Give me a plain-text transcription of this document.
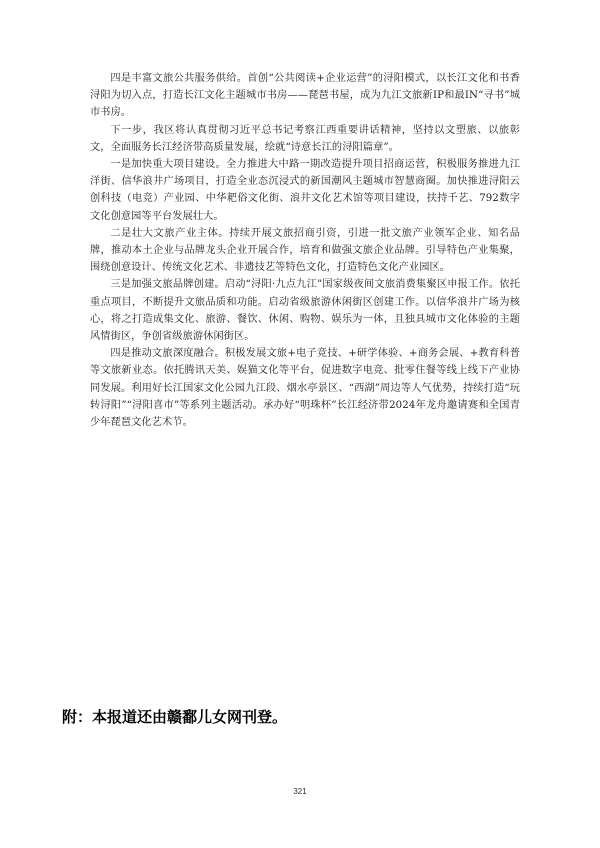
四是丰富文旅公共服务供给。首创“公共阅读+企业运营”的浔阳模式，以长江文化和书香浔阳为切入点，打造长江文化主题城市书房——琵琶书屋，成为九江文旅新IP和最IN“寻书”城市书房。

下一步，我区将认真贯彻习近平总书记考察江西重要讲话精神，坚持以文塑旅、以旅彰文，全面服务长江经济带高质量发展，绘就“诗意长江的浔阳篇章”。

一是加快重大项目建设。全力推进大中路一期改造提升项目招商运营，积极服务推进九江洋街、信华浪井广场项目，打造全业态沉浸式的新国潮风主题城市智慧商圈。加快推进浔阳云创科技（电竞）产业园、中华耙俗文化街、浪井文化艺术馆等项目建设，扶持千艺、792数字文化创意园等平台发展壮大。

二是壮大文旅产业主体。持续开展文旅招商引资，引进一批文旅产业领军企业、知名品牌，推动本土企业与品牌龙头企业开展合作，培育和做强文旅企业品牌。引导特色产业集聚，围绕创意设计、传统文化艺术、非遗技艺等特色文化，打造特色文化产业园区。

三是加强文旅品牌创建。启动“浔阳·九点九江”国家级夜间文旅消费集聚区申报工作。依托重点项目，不断提升文旅品质和功能。启动省级旅游休闲街区创建工作。以信华浪井广场为核心，将之打造成集文化、旅游、餐饮、休闲、购物、娱乐为一体，且独具城市文化体验的主题风情街区，争创省级旅游休闲街区。

四是推动文旅深度融合。积极发展文旅+电子竞技、+研学体验、+商务会展、+教育科普等文旅新业态。依托腾讯天美、娱猫文化等平台，促进数字电竞、批零住餐等线上线下产业协同发展。利用好长江国家文化公园九江段、烟水亭景区、“西湖”周边等人气优势，持续打造“玩转浔阳”“浔阳喜市”等系列主题活动。承办好“明珠杯”长江经济带2024年龙舟邀请赛和全国青少年琵琶文化艺术节。

附：本报道还由赣鄱儿女网刊登。

321
